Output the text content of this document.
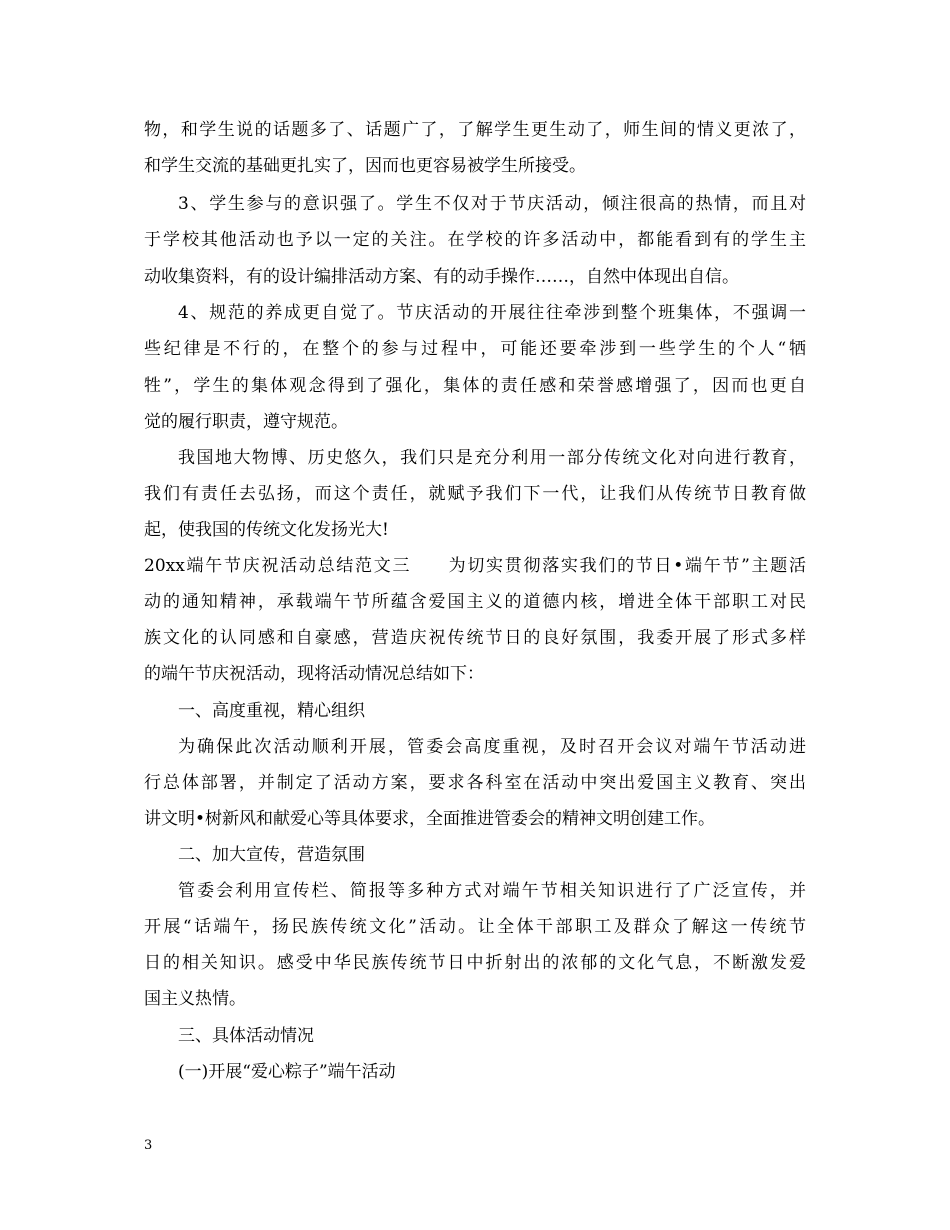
物，和学生说的话题多了、话题广了，了解学生更生动了，师生间的情义更浓了，
和学生交流的基础更扎实了，因而也更容易被学生所接受。
3、学生参与的意识强了。学生不仅对于节庆活动，倾注很高的热情，而且对
于学校其他活动也予以一定的关注。在学校的许多活动中，都能看到有的学生主
动收集资料，有的设计编排活动方案、有的动手操作……，自然中体现出自信。
4、规范的养成更自觉了。节庆活动的开展往往牵涉到整个班集体，不强调一
些纪律是不行的，在整个的参与过程中，可能还要牵涉到一些学生的个人“牺
牲”，学生的集体观念得到了强化，集体的责任感和荣誉感增强了，因而也更自
觉的履行职责，遵守规范。
我国地大物博、历史悠久，我们只是充分利用一部分传统文化对向进行教育，
我们有责任去弘扬，而这个责任，就赋予我们下一代，让我们从传统节日教育做
起，使我国的传统文化发扬光大!
20xx端午节庆祝活动总结范文三　　为切实贯彻落实我们的节日•端午节”主题活
动的通知精神，承载端午节所蕴含爱国主义的道德内核，增进全体干部职工对民
族文化的认同感和自豪感，营造庆祝传统节日的良好氛围，我委开展了形式多样
的端午节庆祝活动，现将活动情况总结如下：
一、高度重视，精心组织
为确保此次活动顺利开展，管委会高度重视，及时召开会议对端午节活动进
行总体部署，并制定了活动方案，要求各科室在活动中突出爱国主义教育、突出
讲文明•树新风和献爱心等具体要求，全面推进管委会的精神文明创建工作。
二、加大宣传，营造氛围
管委会利用宣传栏、简报等多种方式对端午节相关知识进行了广泛宣传，并
开展“话端午，扬民族传统文化”活动。让全体干部职工及群众了解这一传统节
日的相关知识。感受中华民族传统节日中折射出的浓郁的文化气息，不断激发爱
国主义热情。
三、具体活动情况
(一)开展“爱心粽子”端午活动
3
